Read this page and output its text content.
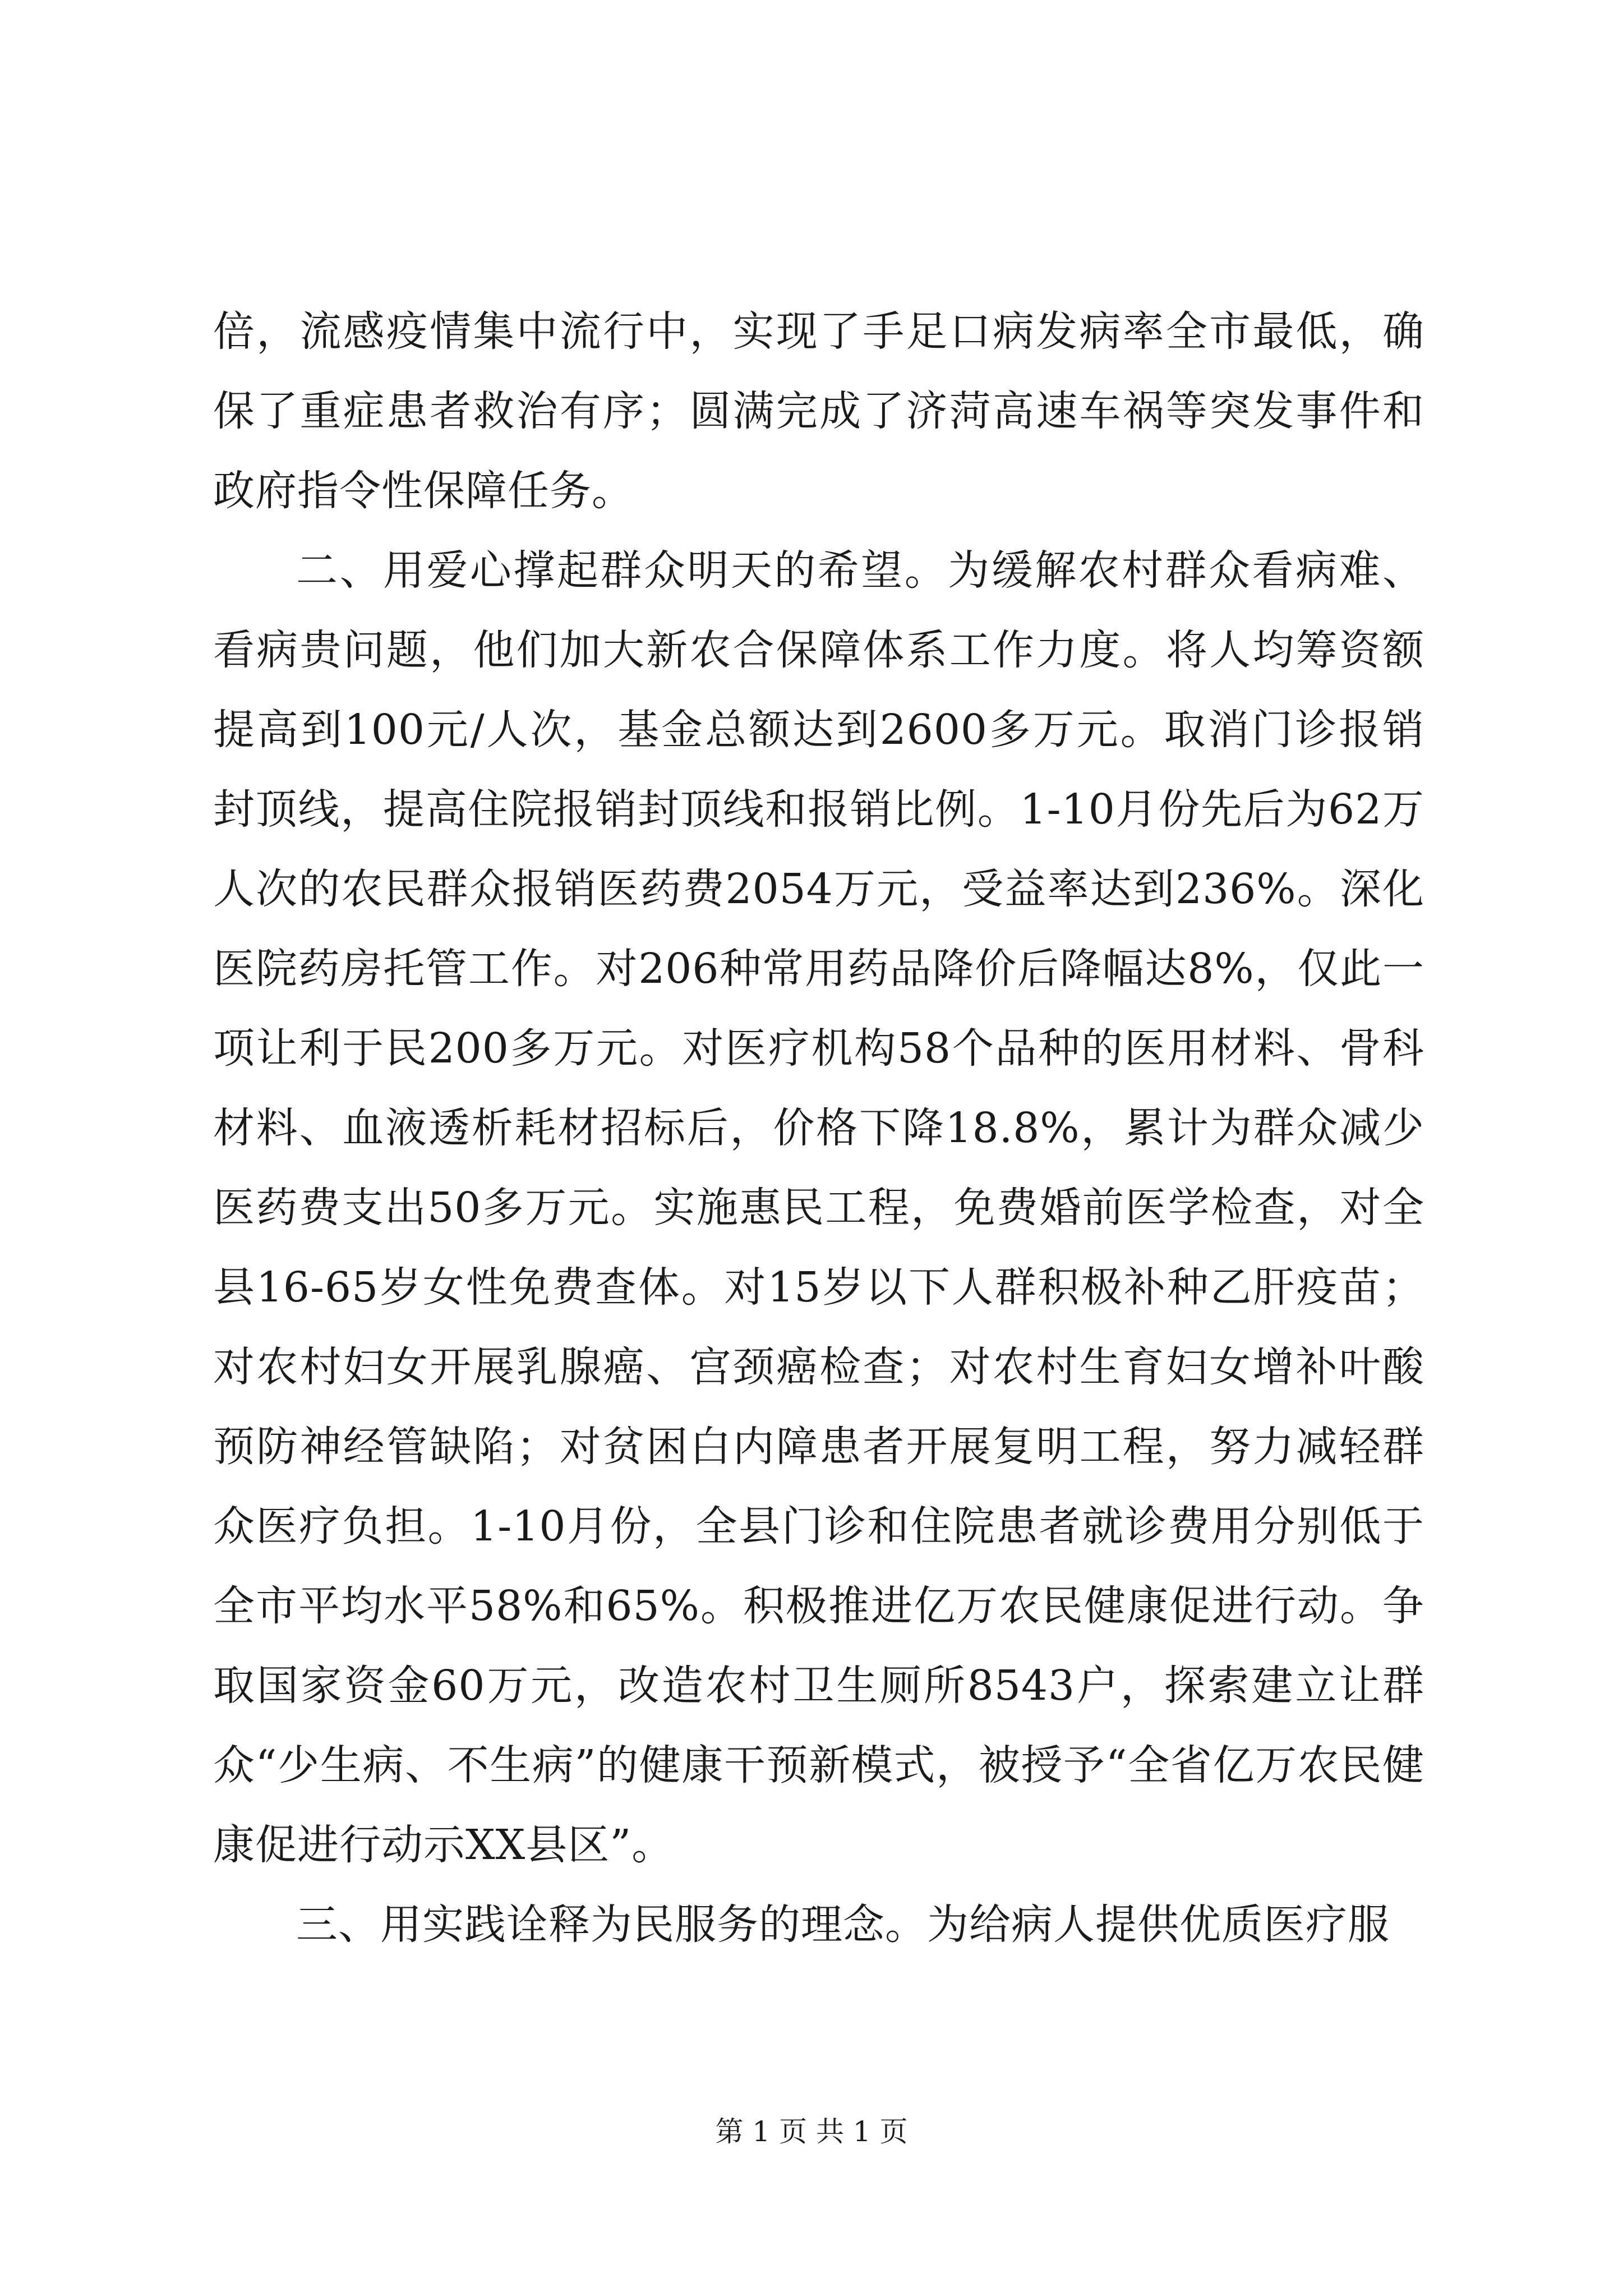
倍，流感疫情集中流行中，实现了手足口病发病率全市最低，确保了重症患者救治有序；圆满完成了济菏高速车祸等突发事件和政府指令性保障任务。

二、用爱心撑起群众明天的希望。为缓解农村群众看病难、看病贵问题，他们加大新农合保障体系工作力度。将人均筹资额提高到100元/人次，基金总额达到2600多万元。取消门诊报销封顶线，提高住院报销封顶线和报销比例。1-10月份先后为62万人次的农民群众报销医药费2054万元，受益率达到236%。深化医院药房托管工作。对206种常用药品降价后降幅达8%，仅此一项让利于民200多万元。对医疗机构58个品种的医用材料、骨科材料、血液透析耗材招标后，价格下降18.8%，累计为群众减少医药费支出50多万元。实施惠民工程，免费婚前医学检查，对全县16-65岁女性免费查体。对15岁以下人群积极补种乙肝疫苗；对农村妇女开展乳腺癌、宫颈癌检查；对农村生育妇女增补叶酸预防神经管缺陷；对贫困白内障患者开展复明工程，努力减轻群众医疗负担。1-10月份，全县门诊和住院患者就诊费用分别低于全市平均水平58%和65%。积极推进亿万农民健康促进行动。争取国家资金60万元，改造农村卫生厕所8543户，探索建立让群众“少生病、不生病”的健康干预新模式，被授予“全省亿万农民健康促进行动示XX县区”。

三、用实践诠释为民服务的理念。为给病人提供优质医疗服

第 1 页 共 1 页
